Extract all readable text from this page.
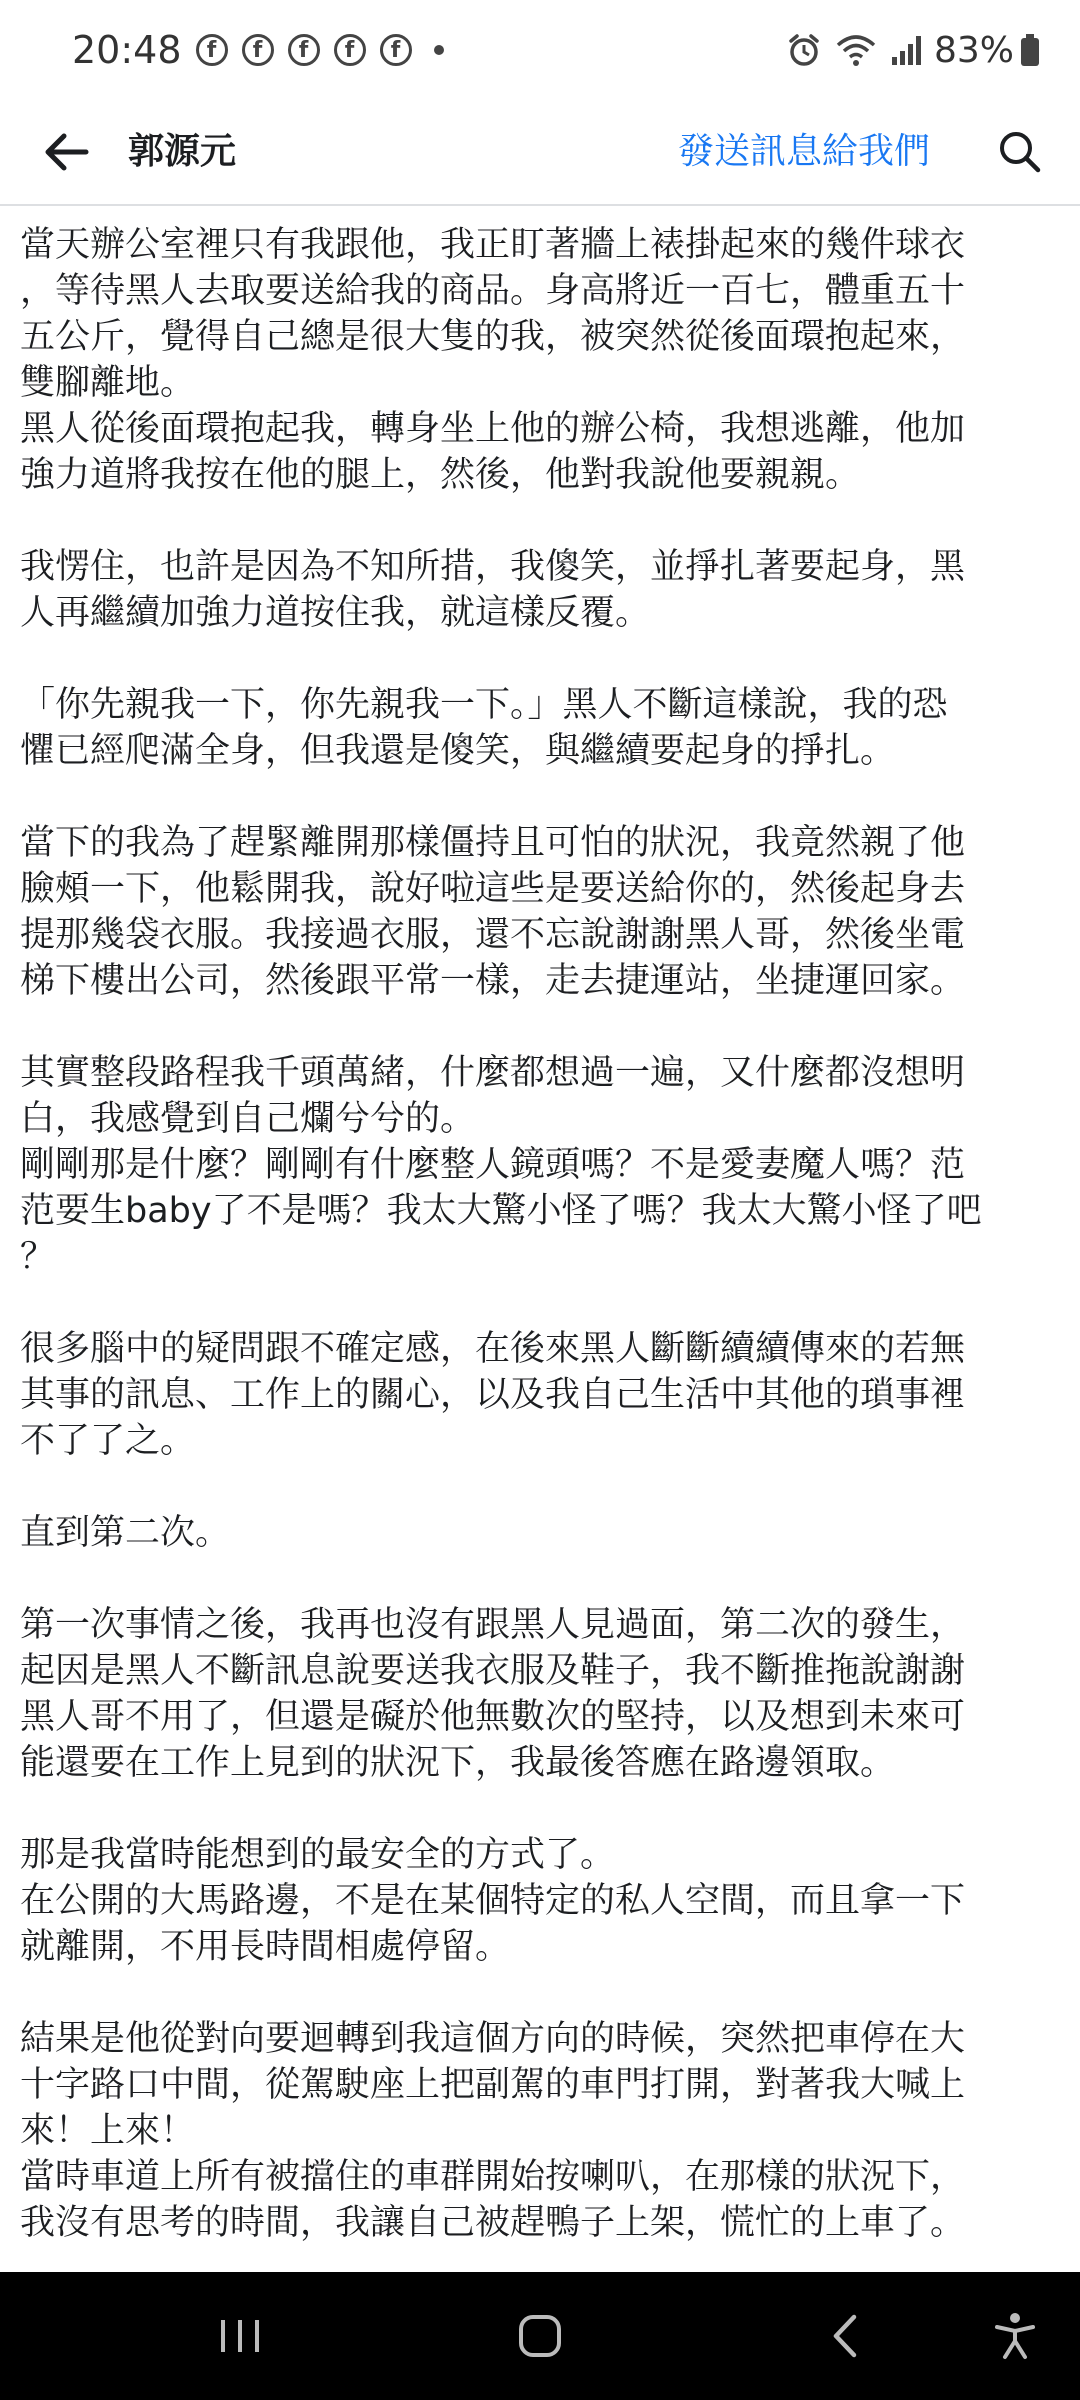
20:48	f	f	f	f	f	83%
郭源元	發送訊息給我們

當天辦公室裡只有我跟他，我正盯著牆上裱掛起來的幾件球衣

，等待黑人去取要送給我的商品。身高將近一百七，體重五十

五公斤，覺得自己總是很大隻的我，被突然從後面環抱起來，

雙腳離地。

黑人從後面環抱起我，轉身坐上他的辦公椅，我想逃離，他加

強力道將我按在他的腿上，然後，他對我說他要親親。

我愣住，也許是因為不知所措，我傻笑，並掙扎著要起身，黑

人再繼續加強力道按住我，就這樣反覆。

「你先親我一下，你先親我一下。」黑人不斷這樣說，我的恐

懼已經爬滿全身，但我還是傻笑，與繼續要起身的掙扎。

當下的我為了趕緊離開那樣僵持且可怕的狀況，我竟然親了他

臉頰一下，他鬆開我，說好啦這些是要送給你的，然後起身去

提那幾袋衣服。我接過衣服，還不忘說謝謝黑人哥，然後坐電

梯下樓出公司，然後跟平常一樣，走去捷運站，坐捷運回家。

其實整段路程我千頭萬緒，什麼都想過一遍，又什麼都沒想明

白，我感覺到自己爛兮兮的。

剛剛那是什麼？剛剛有什麼整人鏡頭嗎？不是愛妻魔人嗎？范

范要生baby了不是嗎？我太大驚小怪了嗎？我太大驚小怪了吧

？

很多腦中的疑問跟不確定感，在後來黑人斷斷續續傳來的若無

其事的訊息、工作上的關心，以及我自己生活中其他的瑣事裡

不了了之。

直到第二次。

第一次事情之後，我再也沒有跟黑人見過面，第二次的發生，

起因是黑人不斷訊息說要送我衣服及鞋子，我不斷推拖說謝謝

黑人哥不用了，但還是礙於他無數次的堅持，以及想到未來可

能還要在工作上見到的狀況下，我最後答應在路邊領取。

那是我當時能想到的最安全的方式了。

在公開的大馬路邊，不是在某個特定的私人空間，而且拿一下

就離開，不用長時間相處停留。

結果是他從對向要迴轉到我這個方向的時候，突然把車停在大

十字路口中間，從駕駛座上把副駕的車門打開，對著我大喊上

來！上來！

當時車道上所有被擋住的車群開始按喇叭，在那樣的狀況下，

我沒有思考的時間，我讓自己被趕鴨子上架，慌忙的上車了。
